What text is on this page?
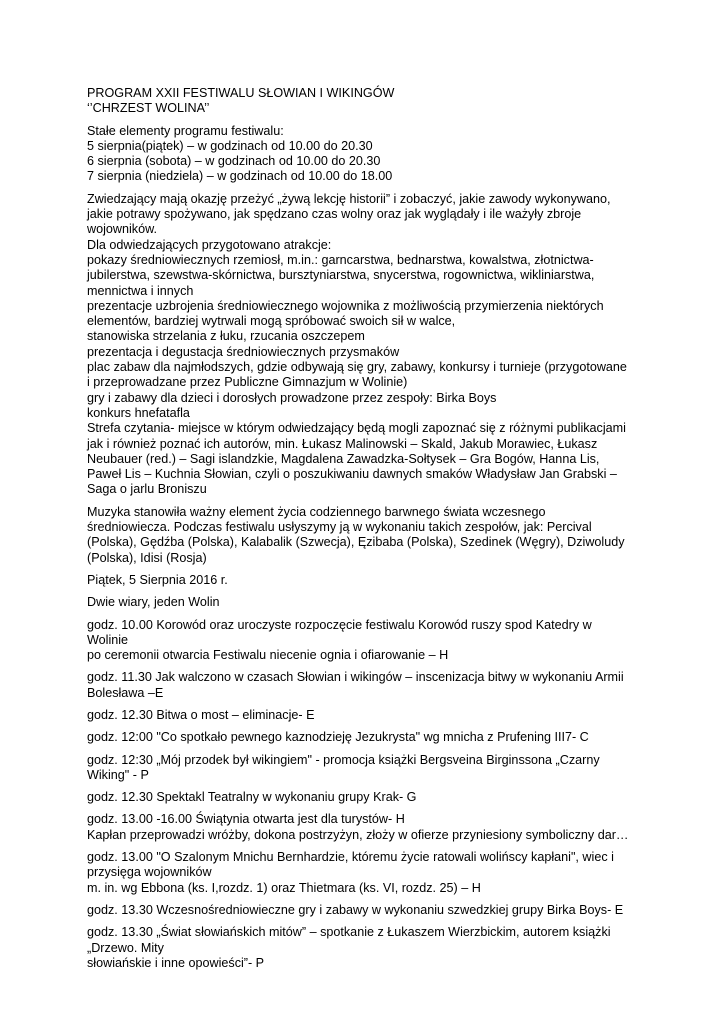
PROGRAM XXII FESTIWALU SŁOWIAN I WIKINGÓW
‘’CHRZEST WOLINA’’
Stałe elementy programu festiwalu:
5 sierpnia(piątek) – w godzinach od 10.00 do 20.30
6 sierpnia (sobota) – w godzinach od 10.00 do 20.30
7 sierpnia (niedziela) – w godzinach od 10.00 do 18.00
Zwiedzający mają okazję przeżyć „żywą lekcję historii” i zobaczyć, jakie zawody wykonywano,
jakie potrawy spożywano, jak spędzano czas wolny oraz jak wyglądały i ile ważyły zbroje
wojowników.
Dla odwiedzających przygotowano atrakcje:
pokazy średniowiecznych rzemiosł, m.in.: garncarstwa, bednarstwa, kowalstwa, złotnictwa-
jubilerstwa, szewstwa-skórnictwa, bursztyniarstwa, snycerstwa, rogownictwa, wikliniarstwa,
mennictwa i innych
prezentacje uzbrojenia średniowiecznego wojownika z możliwością przymierzenia niektórych
elementów, bardziej wytrwali mogą spróbować swoich sił w walce,
stanowiska strzelania z łuku, rzucania oszczepem
prezentacja i degustacja średniowiecznych przysmaków
plac zabaw dla najmłodszych, gdzie odbywają się gry, zabawy, konkursy i turnieje (przygotowane
i przeprowadzane przez Publiczne Gimnazjum w Wolinie)
gry i zabawy dla dzieci i dorosłych prowadzone przez zespoły: Birka Boys
konkurs hnefatafla
Strefa czytania- miejsce w którym odwiedzający będą mogli zapoznać się z różnymi publikacjami
jak i również poznać ich autorów, min. Łukasz Malinowski – Skald, Jakub Morawiec, Łukasz
Neubauer (red.) – Sagi islandzkie, Magdalena Zawadzka-Sołtysek – Gra Bogów, Hanna Lis,
Paweł Lis – Kuchnia Słowian, czyli o poszukiwaniu dawnych smaków Władysław Jan Grabski –
Saga o jarlu Broniszu
Muzyka stanowiła ważny element życia codziennego barwnego świata wczesnego
średniowiecza. Podczas festiwalu usłyszymy ją w wykonaniu takich zespołów, jak: Percival
(Polska), Gędźba (Polska), Kalabalik (Szwecja), Ęzibaba (Polska), Szedinek (Węgry), Dziwoludy
(Polska), Idisi (Rosja)
Piątek, 5 Sierpnia 2016 r.
Dwie wiary, jeden Wolin
godz. 10.00 Korowód oraz uroczyste rozpoczęcie festiwalu Korowód ruszy spod Katedry w
Wolinie
po ceremonii otwarcia Festiwalu niecenie ognia i ofiarowanie – H
godz. 11.30 Jak walczono w czasach Słowian i wikingów – inscenizacja bitwy w wykonaniu Armii
Bolesława –E
godz. 12.30 Bitwa o most – eliminacje- E
godz. 12:00 "Co spotkało pewnego kaznodzieję Jezukrysta" wg mnicha z Prufening III7- C
godz. 12:30 „Mój przodek był wikingiem" - promocja książki Bergsveina Birginssona „Czarny
Wiking" - P
godz. 12.30 Spektakl Teatralny w wykonaniu grupy Krak- G
godz. 13.00 -16.00 Świątynia otwarta jest dla turystów- H
Kapłan przeprowadzi wróżby, dokona postrzyżyn, złoży w ofierze przyniesiony symboliczny dar…
godz. 13.00 "O Szalonym Mnichu Bernhardzie, któremu życie ratowali wolińscy kapłani", wiec i
przysięga wojowników
m. in. wg Ebbona (ks. I,rozdz. 1) oraz Thietmara (ks. VI, rozdz. 25) – H
godz. 13.30 Wczesnośredniowieczne gry i zabawy w wykonaniu szwedzkiej grupy Birka Boys- E
godz. 13.30 „Świat słowiańskich mitów” – spotkanie z Łukaszem Wierzbickim, autorem książki
„Drzewo. Mity
słowiańskie i inne opowieści”- P
